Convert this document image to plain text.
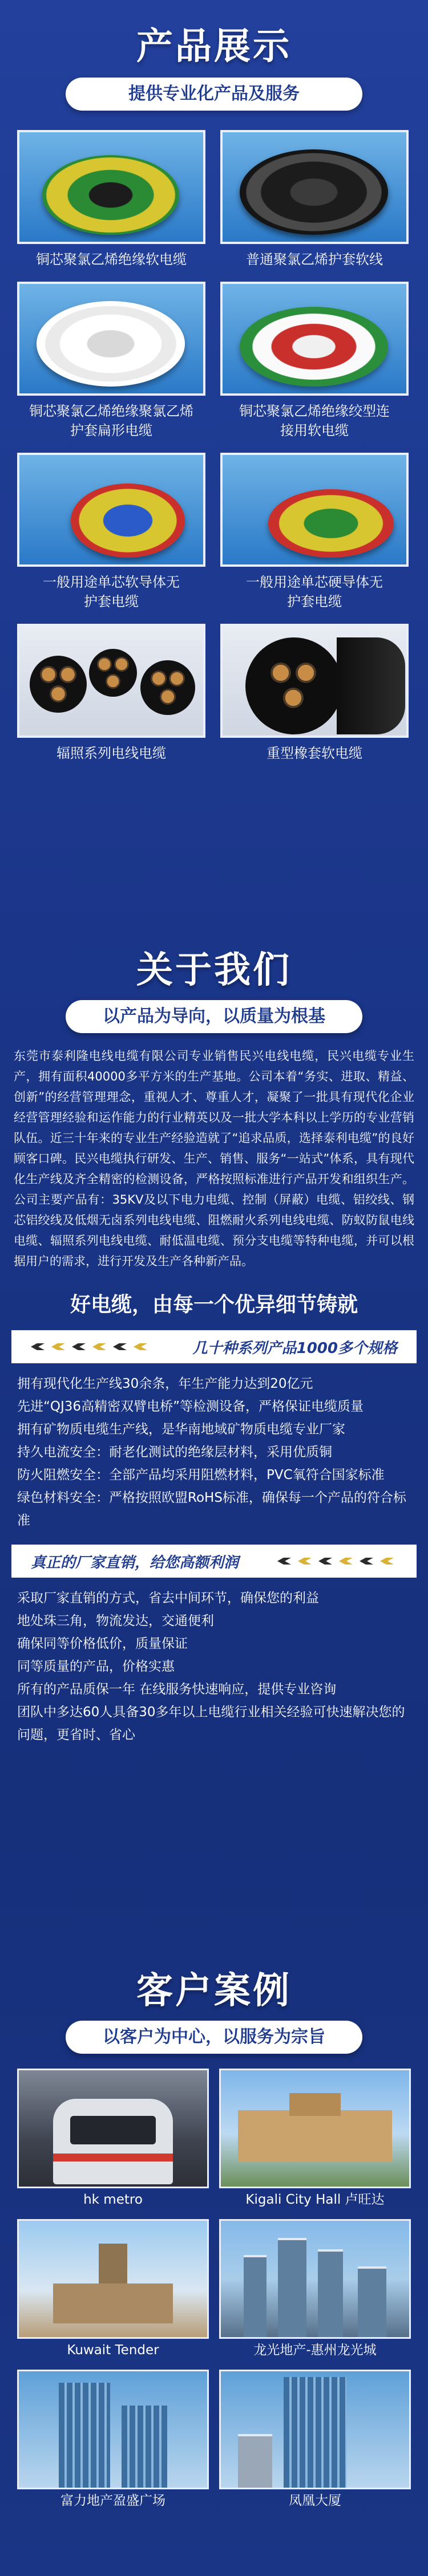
产品展示
提供专业化产品及服务
铜芯聚氯乙烯绝缘软电缆	普通聚氯乙烯护套软线
铜芯聚氯乙烯绝缘聚氯乙烯护套扁形电缆
铜芯聚氯乙烯绝缘绞型连接用软电缆
一般用途单芯软导体无护套电缆
一般用途单芯硬导体无护套电缆
辐照系列电线电缆	重型橡套软电缆
关于我们
以产品为导向，以质量为根基
东莞市泰利隆电线电缆有限公司专业销售民兴电线电缆，民兴电缆专业生产，拥有面积40000多平方米的生产基地。公司本着“务实、进取、精益、创新”的经营管理理念，重视人才、尊重人才，凝聚了一批具有现代化企业经营管理经验和运作能力的行业精英以及一批大学本科以上学历的专业营销队伍。近三十年来的专业生产经验造就了“追求品质，选择泰利电缆”的良好顾客口碑。民兴电缆执行研发、生产、销售、服务“一站式”体系，具有现代化生产线及齐全精密的检测设备，严格按照标准进行产品开发和组织生产。公司主要产品有：35KV及以下电力电缆、控制（屏蔽）电缆、铝绞线、钢芯铝绞线及低烟无卤系列电线电缆、阻燃耐火系列电线电缆、防蚁防鼠电线电缆、辐照系列电线电缆、耐低温电缆、预分支电缆等特种电缆，并可以根据用户的需求，进行开发及生产各种新产品。
好电缆，由每一个优异细节铸就
几十种系列产品1000多个规格
拥有现代化生产线30余条，年生产能力达到20亿元
先进“QJ36高精密双臂电桥”等检测设备，严格保证电缆质量
拥有矿物质电缆生产线，是华南地域矿物质电缆专业厂家
持久电流安全：耐老化测试的绝缘层材料，采用优质铜
防火阻燃安全：全部产品均采用阻燃材料，PVC氧符合国家标准
绿色材料安全：严格按照欧盟RoHS标准，确保每一个产品的符合标准
真正的厂家直销，给您高额利润
采取厂家直销的方式，省去中间环节，确保您的利益
地处珠三角，物流发达，交通便利
确保同等价格低价，质量保证
同等质量的产品，价格实惠
所有的产品质保一年 在线服务快速响应，提供专业咨询
团队中多达60人具备30多年以上电缆行业相关经验可快速解决您的问题，更省时、省心
客户案例
以客户为中心，以服务为宗旨
hk metro	Kigali City Hall 卢旺达
Kuwait Tender	龙光地产-惠州龙光城
富力地产盈盛广场	凤凰大厦
